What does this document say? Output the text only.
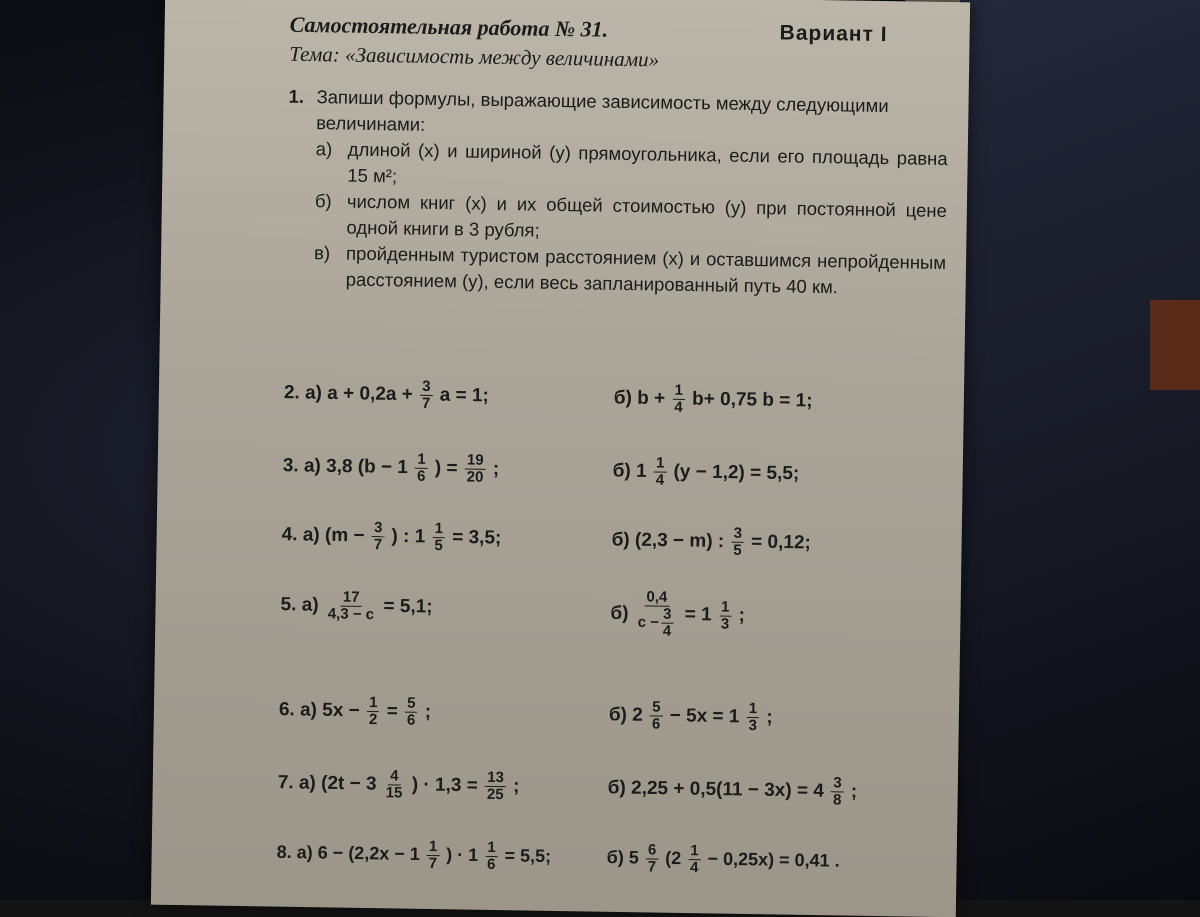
Самостоятельная работа № 31.	Вариант I
Тема: «Зависимость между величинами»
1. Запиши формулы, выражающие зависимость между следующими величинами:
а) длиной (x) и шириной (y) прямоугольника, если его площадь равна 15 м²;
б) числом книг (x) и их общей стоимостью (y) при постоянной цене одной книги в 3 рубля;
в) пройденным туристом расстоянием (x) и оставшимся непройденным расстоянием (y), если весь запланированный путь 40 км.
2. а) $a + 0,2a + \frac{3}{7}$ a = 1;	б) $b + \frac{1}{4} b+ 0,75$ b = 1;
3. а) 3,8 ($b - 1 \frac{1}{6}$ ) = $\frac{19}{20}$ ;	б) $1 \frac{1}{4} (y - 1,2) = 5,5$;
4. а) ($m - \frac{3}{7}$ ) : $1 \frac{1}{5} = 3,5$;	б) (2,3 − m) : $\frac{3}{5} = 0,12$;
5. $а) \frac{17}{4,3 - c} = 5,1$;	$б) \frac{0,4}{c - \frac{3}{4}} = 1 \frac{1}{3}$ ;
6. а) $5x - \frac{1}{2} = \frac{5}{6}$ ;	б) $2 \frac{5}{6} - 5x = 1 \frac{1}{3}$ ;
7. а) ($2t - 3 \frac{4}{15}$ ) · $1,3 = \frac{13}{25}$ ;	б) $2,25 + 0,5(11 - 3x) = 4 \frac{3}{8}$ ;
8. а) $6 - (2,2x - 1 \frac{1}{7}$ ) · $1 \frac{1}{6} = 5,5$;	б) $5 \frac{6}{7} (2 \frac{1}{4} - 0,25x) = 0,41$ .
